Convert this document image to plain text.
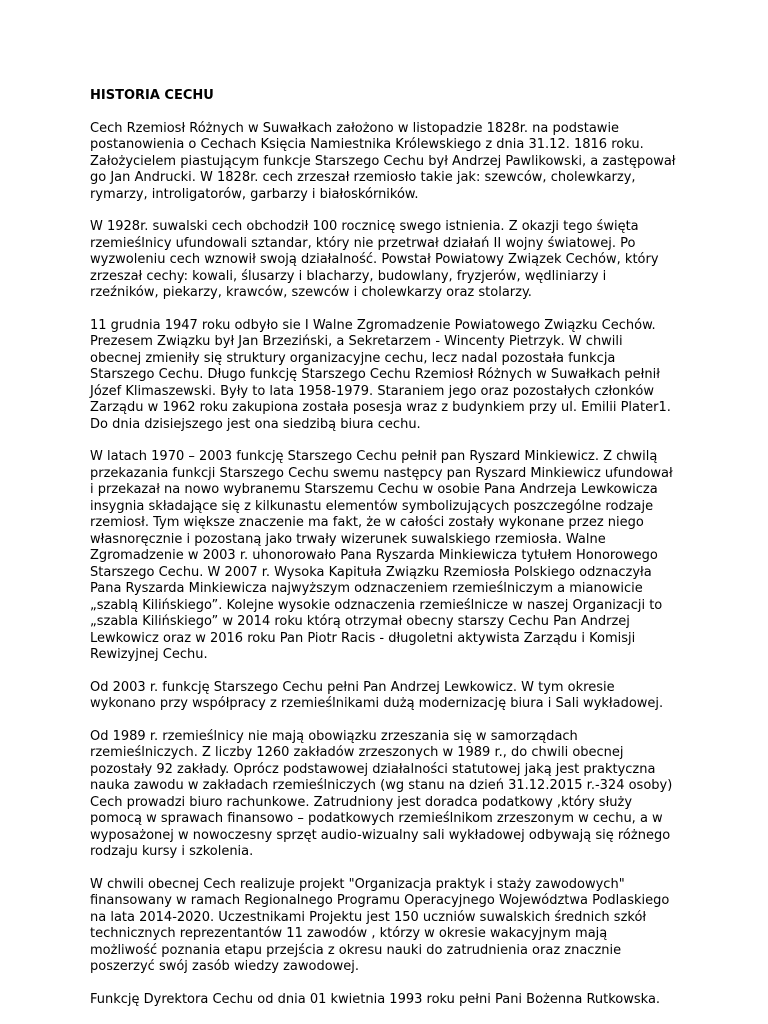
HISTORIA CECHU

Cech Rzemiosł Różnych w Suwałkach założono w listopadzie 1828r. na podstawie
postanowienia o Cechach Księcia Namiestnika Królewskiego z dnia 31.12. 1816 roku.
Założycielem piastującym funkcje Starszego Cechu był Andrzej Pawlikowski, a zastępował
go Jan Andrucki. W 1828r. cech zrzeszał rzemiosło takie jak: szewców, cholewkarzy,
rymarzy, introligatorów, garbarzy i białoskórników.

W 1928r. suwalski cech obchodził 100 rocznicę swego istnienia. Z okazji tego święta
rzemieślnicy ufundowali sztandar, który nie przetrwał działań II wojny światowej. Po
wyzwoleniu cech wznowił swoją działalność. Powstał Powiatowy Związek Cechów, który
zrzeszał cechy: kowali, ślusarzy i blacharzy, budowlany, fryzjerów, wędliniarzy i
rzeźników, piekarzy, krawców, szewców i cholewkarzy oraz stolarzy.

11 grudnia 1947 roku odbyło sie I Walne Zgromadzenie Powiatowego Związku Cechów.
Prezesem Związku był Jan Brzeziński, a Sekretarzem - Wincenty Pietrzyk. W chwili
obecnej zmieniły się struktury organizacyjne cechu, lecz nadal pozostała funkcja
Starszego Cechu. Długo funkcję Starszego Cechu Rzemiosł Różnych w Suwałkach pełnił
Józef Klimaszewski. Były to lata 1958-1979. Staraniem jego oraz pozostałych członków
Zarządu w 1962 roku zakupiona została posesja wraz z budynkiem przy ul. Emilii Plater1.
Do dnia dzisiejszego jest ona siedzibą biura cechu.

W latach 1970 – 2003 funkcję Starszego Cechu pełnił pan Ryszard Minkiewicz. Z chwilą
przekazania funkcji Starszego Cechu swemu następcy pan Ryszard Minkiewicz ufundował
i przekazał na nowo wybranemu Starszemu Cechu w osobie Pana Andrzeja Lewkowicza
insygnia składające się z kilkunastu elementów symbolizujących poszczególne rodzaje
rzemiosł. Tym większe znaczenie ma fakt, że w całości zostały wykonane przez niego
własnoręcznie i pozostaną jako trwały wizerunek suwalskiego rzemiosła. Walne
Zgromadzenie w 2003 r. uhonorowało Pana Ryszarda Minkiewicza tytułem Honorowego
Starszego Cechu. W 2007 r. Wysoka Kapituła Związku Rzemiosła Polskiego odznaczyła
Pana Ryszarda Minkiewicza najwyższym odznaczeniem rzemieślniczym a mianowicie
„szablą Kilińskiego”. Kolejne wysokie odznaczenia rzemieślnicze w naszej Organizacji to
„szabla Kilińskiego” w 2014 roku którą otrzymał obecny starszy Cechu Pan Andrzej
Lewkowicz oraz w 2016 roku Pan Piotr Racis - długoletni aktywista Zarządu i Komisji
Rewizyjnej Cechu.

Od 2003 r. funkcję Starszego Cechu pełni Pan Andrzej Lewkowicz. W tym okresie
wykonano przy współpracy z rzemieślnikami dużą modernizację biura i Sali wykładowej.

Od 1989 r. rzemieślnicy nie mają obowiązku zrzeszania się w samorządach
rzemieślniczych. Z liczby 1260 zakładów zrzeszonych w 1989 r., do chwili obecnej
pozostały 92 zakłady. Oprócz podstawowej działalności statutowej jaką jest praktyczna
nauka zawodu w zakładach rzemieślniczych (wg stanu na dzień 31.12.2015 r.-324 osoby)
Cech prowadzi biuro rachunkowe. Zatrudniony jest doradca podatkowy ,który służy
pomocą w sprawach finansowo – podatkowych rzemieślnikom zrzeszonym w cechu, a w
wyposażonej w nowoczesny sprzęt audio-wizualny sali wykładowej odbywają się różnego
rodzaju kursy i szkolenia.

W chwili obecnej Cech realizuje projekt "Organizacja praktyk i staży zawodowych"
finansowany w ramach Regionalnego Programu Operacyjnego Województwa Podlaskiego
na lata 2014-2020. Uczestnikami Projektu jest 150 uczniów suwalskich średnich szkół
technicznych reprezentantów 11 zawodów , którzy w okresie wakacyjnym mają
możliwość poznania etapu przejścia z okresu nauki do zatrudnienia oraz znacznie
poszerzyć swój zasób wiedzy zawodowej.

Funkcję Dyrektora Cechu od dnia 01 kwietnia 1993 roku pełni Pani Bożenna Rutkowska.
